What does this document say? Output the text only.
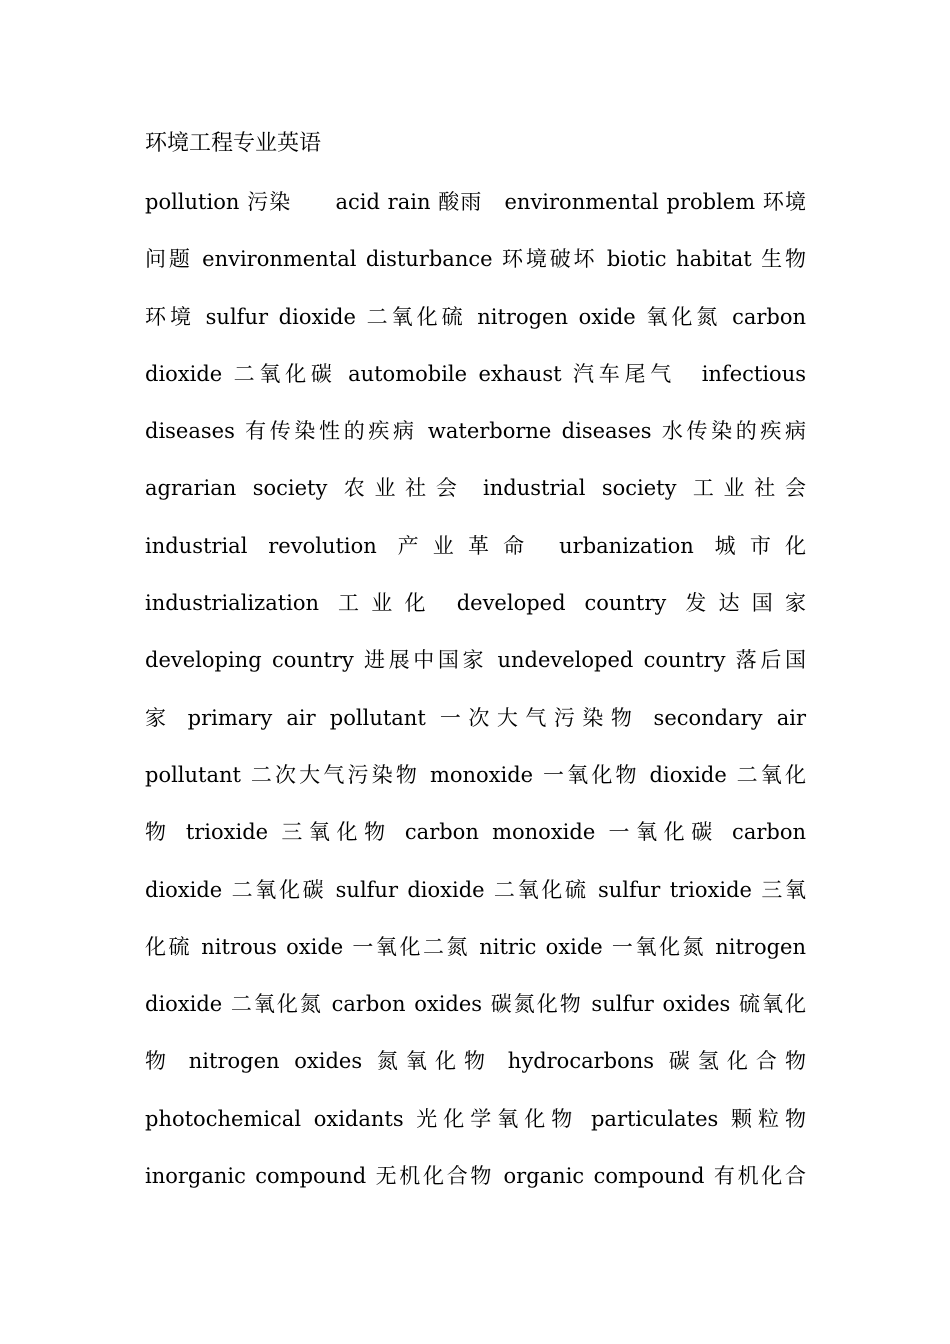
环境工程专业英语
pollution 污染　　acid rain 酸雨　environmental problem 环境
问题 environmental disturbance 环境破坏 biotic habitat 生物
环境 sulfur dioxide 二氧化硫 nitrogen oxide 氧化氮 carbon
dioxide 二氧化碳 automobile exhaust 汽车尾气　infectious
diseases 有传染性的疾病 waterborne diseases 水传染的疾病
agrarian society 农业社会 industrial society 工业社会
industrial revolution 产业革命 urbanization 城市化
industrialization 工业化 developed country 发达国家
developing country 进展中国家 undeveloped country 落后国
家 primary air pollutant 一次大气污染物 secondary air
pollutant 二次大气污染物 monoxide 一氧化物 dioxide 二氧化
物 trioxide 三氧化物 carbon monoxide 一氧化碳 carbon
dioxide 二氧化碳 sulfur dioxide 二氧化硫 sulfur trioxide 三氧
化硫 nitrous oxide 一氧化二氮 nitric oxide 一氧化氮 nitrogen
dioxide 二氧化氮 carbon oxides 碳氮化物 sulfur oxides 硫氧化
物 nitrogen oxides 氮氧化物 hydrocarbons 碳氢化合物
photochemical oxidants 光化学氧化物 particulates 颗粒物
inorganic compound 无机化合物 organic compound 有机化合
